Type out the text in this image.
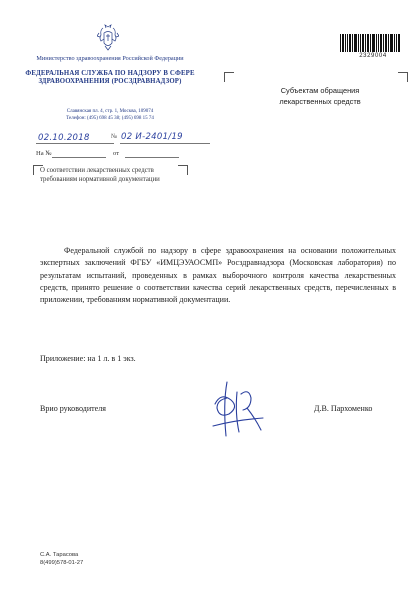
Министерство здравоохранения Российской Федерации
ФЕДЕРАЛЬНАЯ СЛУЖБА ПО НАДЗОРУ В СФЕРЕ ЗДРАВООХРАНЕНИЯ (РОСЗДРАВНАДЗОР)
Славянская пл. 4, стр. 1, Москва, 109074
Телефон: (495) 698 45 38; (495) 698 15 74
2329004
Субъектам обращения лекарственных средств
02.10.2018	№ 02 И-2401/19
На №	от
О соответствии лекарственных средств требованиям нормативной документации
Федеральной службой по надзору в сфере здравоохранения на основании положительных экспертных заключений ФГБУ «ИМЦЭУАОСМП» Росздравнадзора (Московская лаборатория) по результатам испытаний, проведенных в рамках выборочного контроля качества лекарственных средств, принято решение о соответствии качества серий лекарственных средств, перечисленных в приложении, требованиям нормативной документации.
Приложение: на 1 л. в 1 экз.
Врио руководителя	Д.В. Пархоменко
С.А. Тарасова
8(499)578-01-27
